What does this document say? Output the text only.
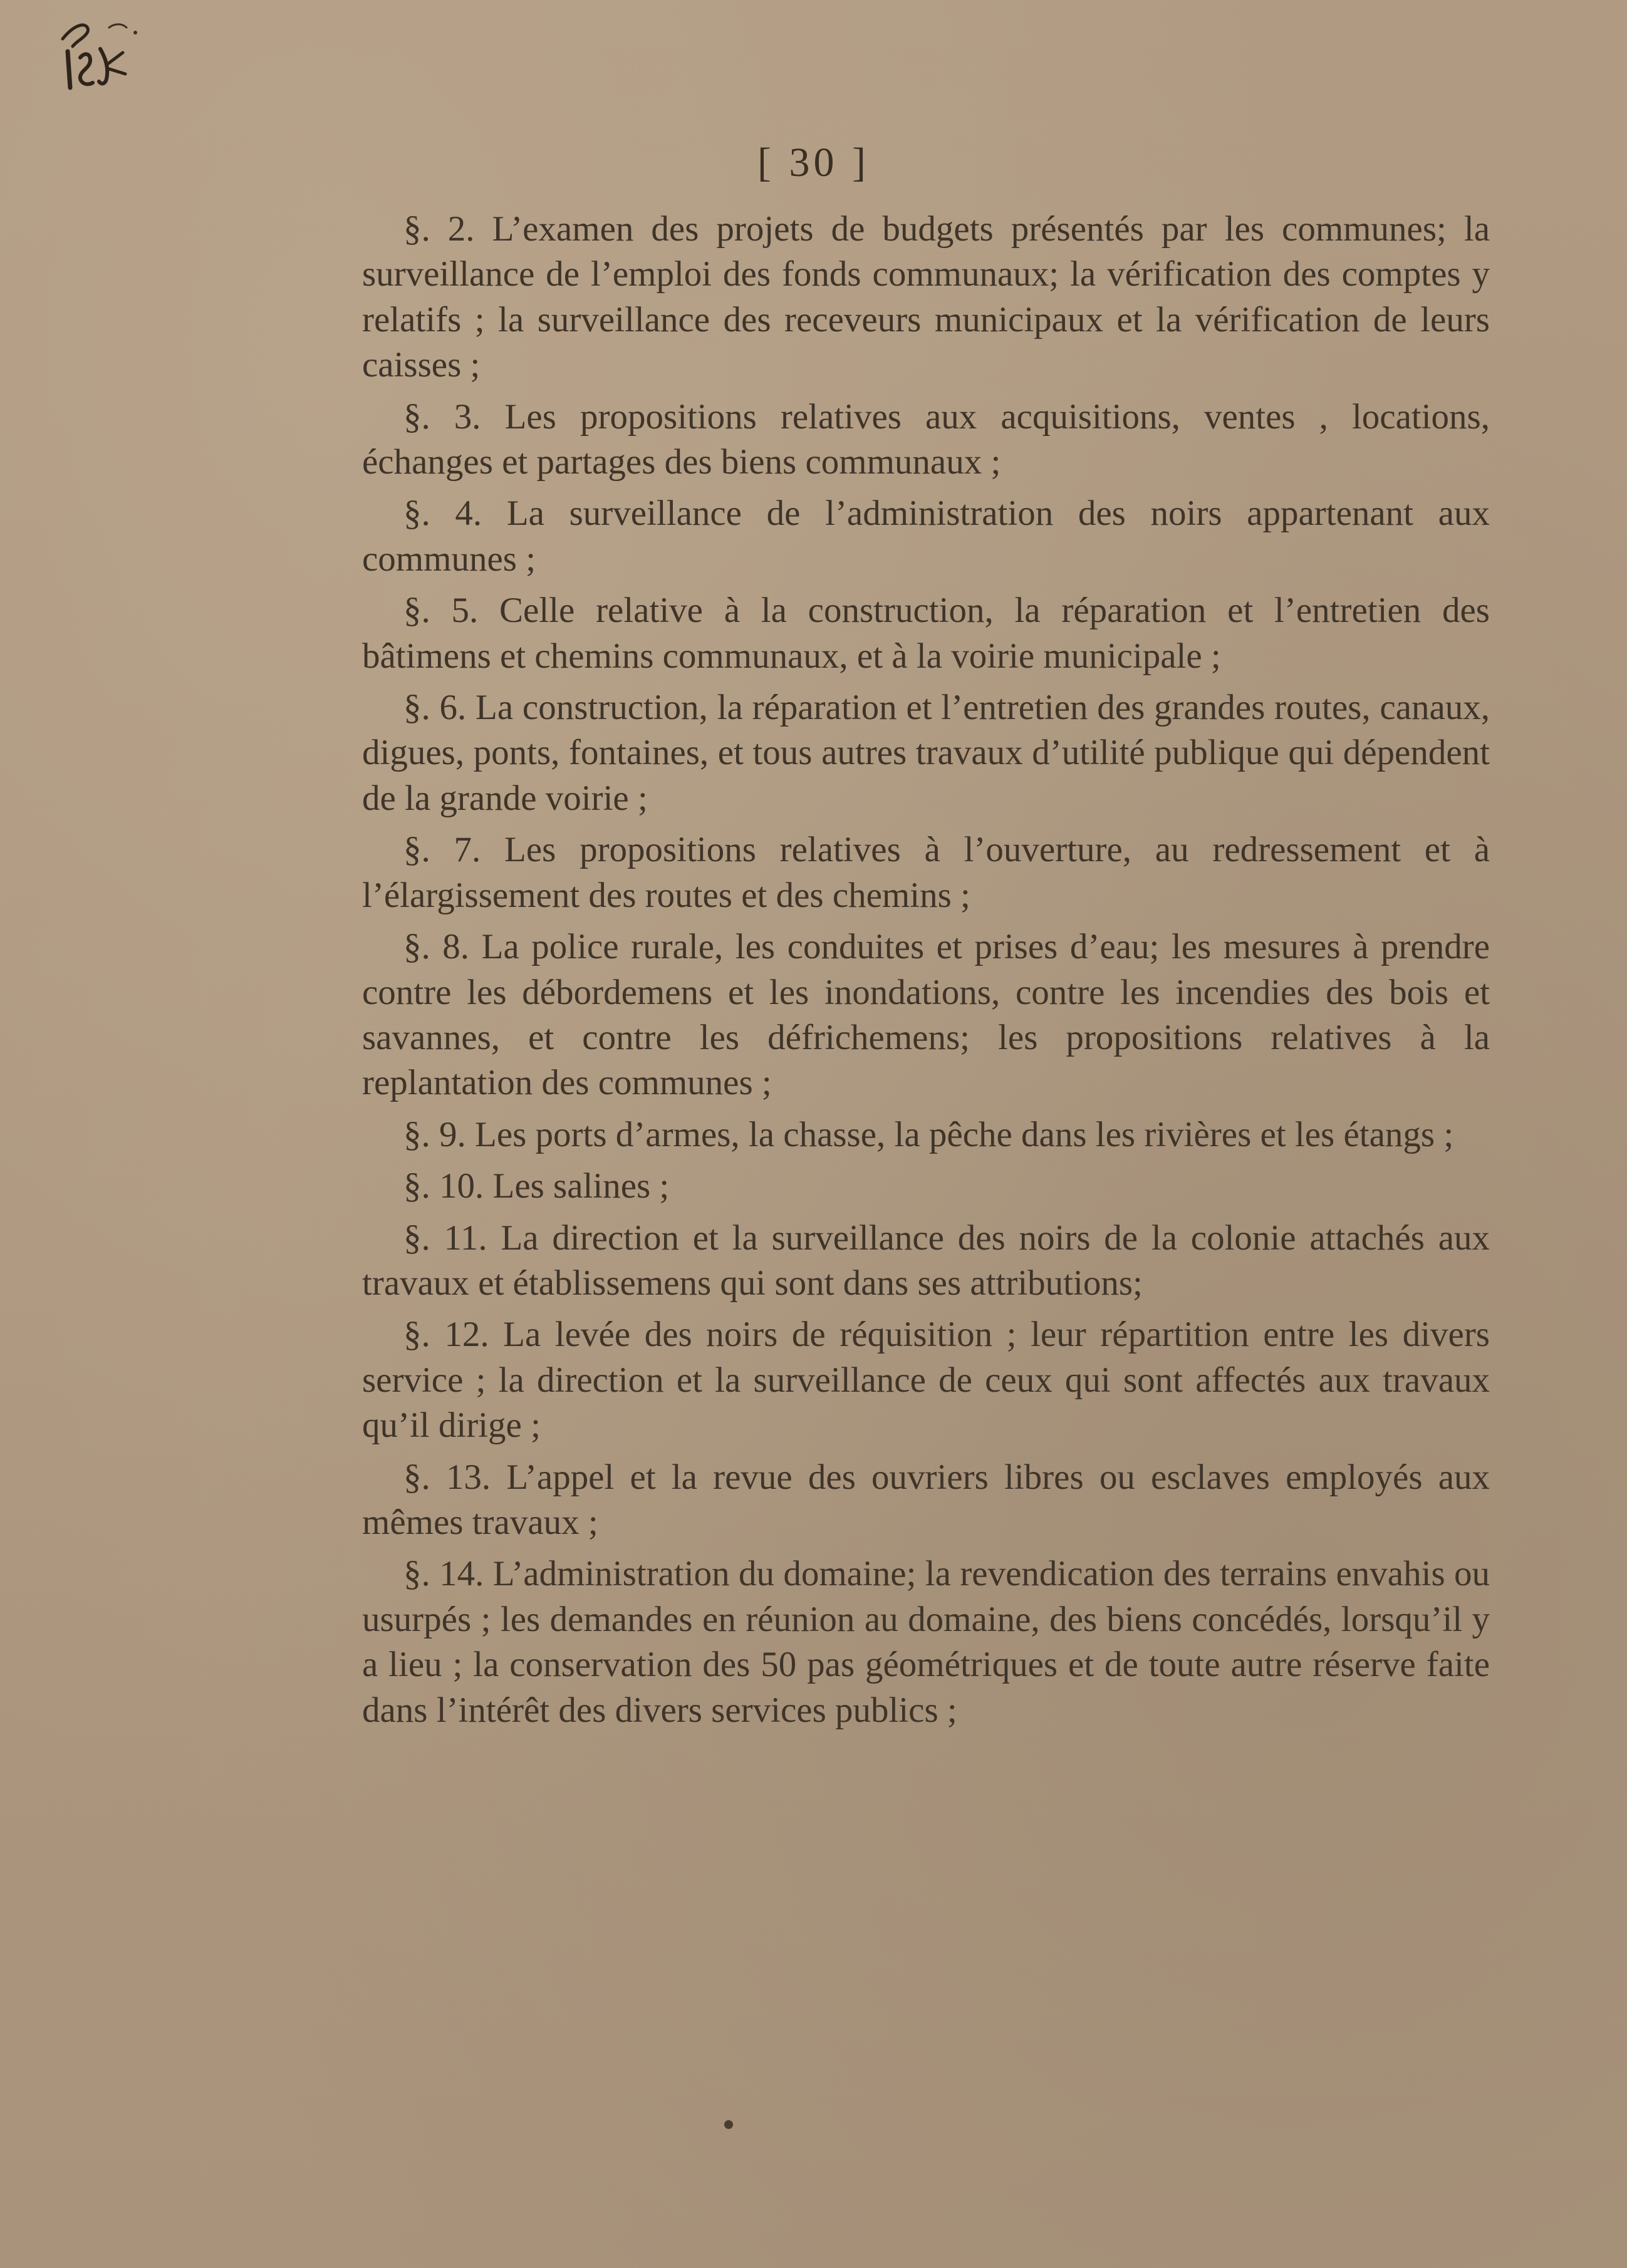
[ 30 ]

§. 2. L’examen des projets de budgets présentés par les communes; la surveillance de l’emploi des fonds communaux; la vérification des comptes y relatifs ; la surveillance des receveurs municipaux et la vérification de leurs caisses ;

§. 3. Les propositions relatives aux acquisitions, ventes , locations, échanges et partages des biens communaux ;

§. 4. La surveillance de l’administration des noirs appartenant aux communes ;

§. 5. Celle relative à la construction, la réparation et l’entretien des bâtimens et chemins communaux, et à la voirie municipale ;

§. 6. La construction, la réparation et l’entretien des grandes routes, canaux, digues, ponts, fontaines, et tous autres travaux d’utilité publique qui dépendent de la grande voirie ;

§. 7. Les propositions relatives à l’ouverture, au redressement et à l’élargissement des routes et des chemins ;

§. 8. La police rurale, les conduites et prises d’eau; les mesures à prendre contre les débordemens et les inondations, contre les incendies des bois et savannes, et contre les défrichemens; les propositions relatives à la replantation des communes ;

§. 9. Les ports d’armes, la chasse, la pêche dans les rivières et les étangs ;

§. 10. Les salines ;

§. 11. La direction et la surveillance des noirs de la colonie attachés aux travaux et établissemens qui sont dans ses attributions;

§. 12. La levée des noirs de réquisition ; leur répartition entre les divers service ; la direction et la surveillance de ceux qui sont affectés aux travaux qu’il dirige ;

§. 13. L’appel et la revue des ouvriers libres ou esclaves employés aux mêmes travaux ;

§. 14. L’administration du domaine; la revendication des terrains envahis ou usurpés ; les demandes en réunion au domaine, des biens concédés, lorsqu’il y a lieu ; la conservation des 50 pas géométriques et de toute autre réserve faite dans l’intérêt des divers services publics ;
